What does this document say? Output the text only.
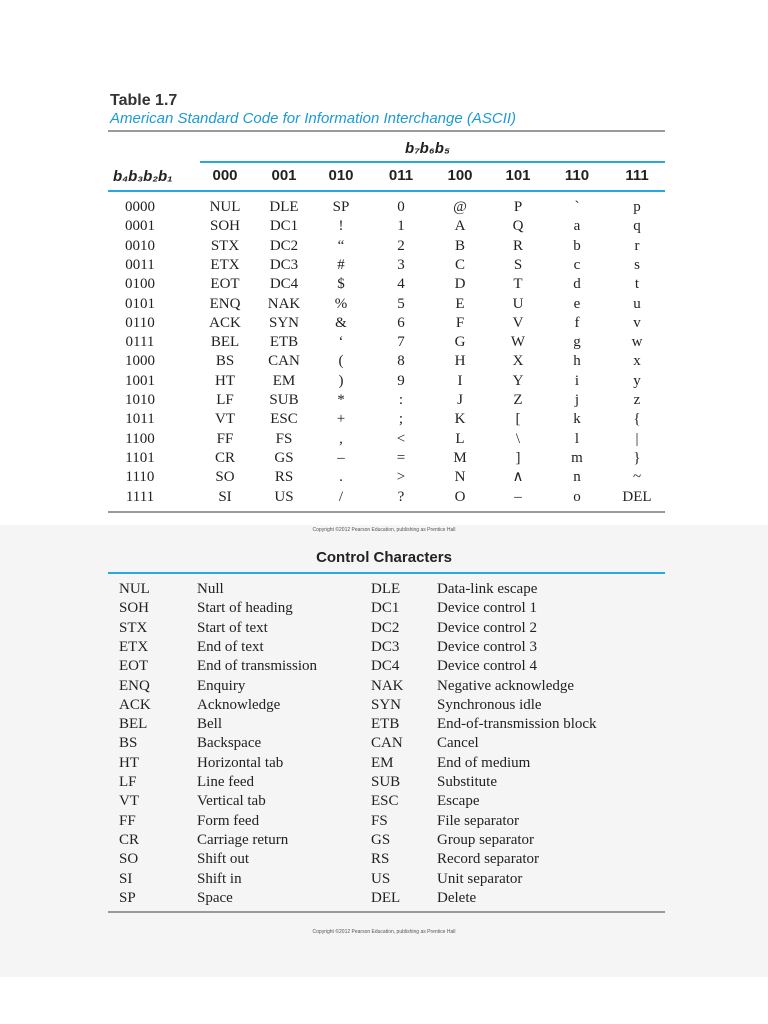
Table 1.7
American Standard Code for Information Interchange (ASCII)
b₇b₆b₅
b₄b₃b₂b₁	000	001	010	011	100	101	110	111
0000	NUL	DLE	SP	0	@	P	`	p
0001	SOH	DC1	!	1	A	Q	a	q
0010	STX	DC2	“	2	B	R	b	r
0011	ETX	DC3	#	3	C	S	c	s
0100	EOT	DC4	$	4	D	T	d	t
0101	ENQ	NAK	%	5	E	U	e	u
0110	ACK	SYN	&	6	F	V	f	v
0111	BEL	ETB	‘	7	G	W	g	w
1000	BS	CAN	(	8	H	X	h	x
1001	HT	EM	)	9	I	Y	i	y
1010	LF	SUB	*	:	J	Z	j	z
1011	VT	ESC	+	;	K	[	k	{
1100	FF	FS	,	<	L	\	l	|
1101	CR	GS	–	=	M	]	m	}
1110	SO	RS	.	>	N	∧	n	~
1111	SI	US	/	?	O	–	o	DEL
Copyright ©2012 Pearson Education, publishing as Prentice Hall
Control Characters
NUL	Null	DLE Data-link escape
SOH	Start of heading	DC1	Device control 1
STX	Start of text	DC2	Device control 2
ETX	End of text	DC3	Device control 3
EOT	End of transmission	DC4	Device control 4
ENQ	Enquiry	NAK Negative acknowledge
ACK	Acknowledge	SYN Synchronous idle
BEL	Bell	ETB	End-of-transmission block
BS	Backspace	CAN Cancel
HT	Horizontal tab	EM	End of medium
LF	Line feed	SUB Substitute
VT	Vertical tab	ESC	Escape
FF	Form feed	FS	File separator
CR	Carriage return	GS	Group separator
SO	Shift out	RS	Record separator
SI	Shift in	US	Unit separator
SP	Space	DEL Delete
Copyright ©2012 Pearson Education, publishing as Prentice Hall
